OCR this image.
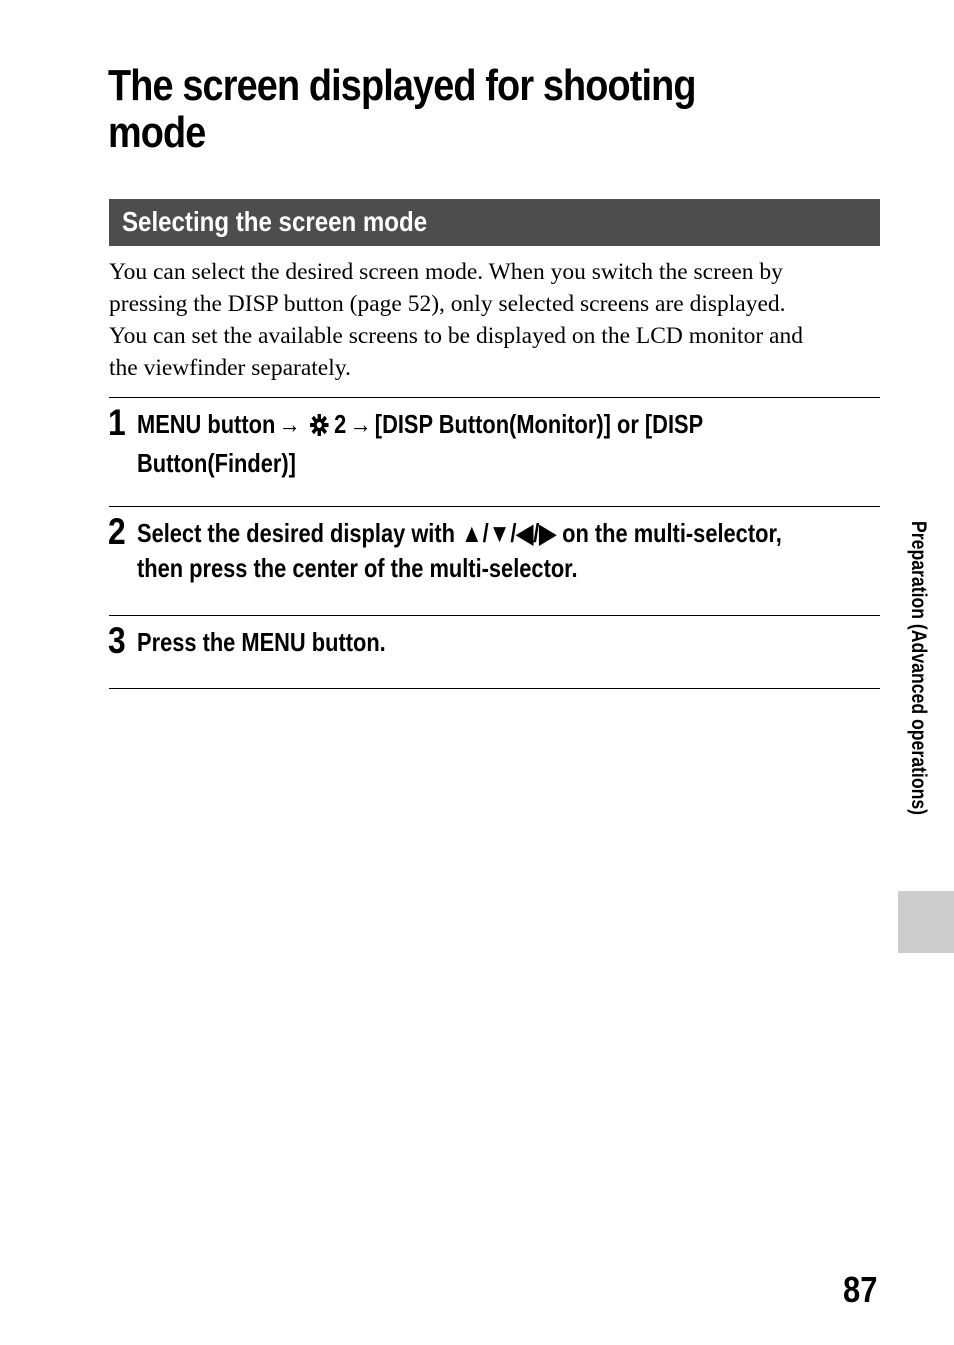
The screen displayed for shooting
mode
Selecting the screen mode

You can select the desired screen mode. When you switch the screen by
pressing the DISP button (page 52), only selected screens are displayed.
You can set the available screens to be displayed on the LCD monitor and
the viewfinder separately.

1 MENU button → 2 → [DISP Button(Monitor)] or [DISP
Button(Finder)]
2 Select the desired display with ▲/▼/◀/▶ on the multi-selector,
then press the center of the multi-selector.
3 Press the MENU button.	Preparation (Advanced operations)
87
